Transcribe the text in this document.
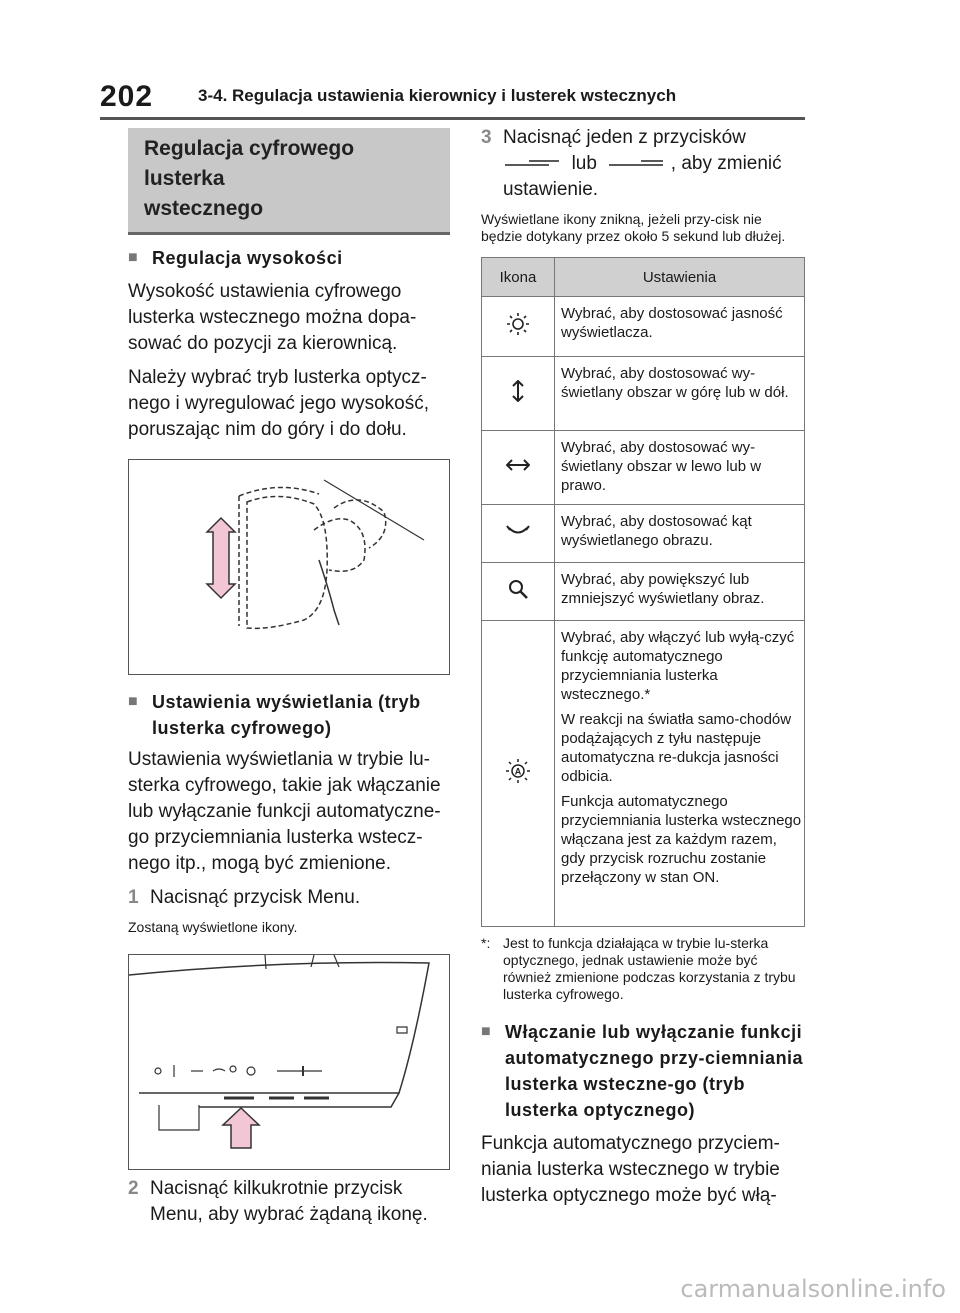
202	3-4. Regulacja ustawienia kierownicy i lusterek wstecznych
Regulacja cyfrowego lusterka
wstecznego
■ Regulacja wysokości

Wysokość ustawienia cyfrowego lusterka wstecznego można dopa-sować do pozycji za kierownicą.

Należy wybrać tryb lusterka optycz-nego i wyregulować jego wysokość, poruszając nim do góry i do dołu.

■ Ustawienia wyświetlania (tryb
lusterka cyfrowego)

Ustawienia wyświetlania w trybie lu-sterka cyfrowego, takie jak włączanie lub wyłączanie funkcji automatyczne-go przyciemniania lusterka wstecz-nego itp., mogą być zmienione.

1 Nacisnąć przycisk Menu.
Zostaną wyświetlone ikony.
2 Nacisnąć kilkukrotnie przycisk
Menu, aby wybrać żądaną ikonę.
3 Nacisnąć jeden z przycisków
lub	, aby zmienić
ustawienie.
Wyświetlane ikony znikną, jeżeli przy-cisk nie będzie dotykany przez około 5 sekund lub dłużej.
Ikona	Ustawienia
	Wybrać, aby dostosować jasność wyświetlacza.
	Wybrać, aby dostosować wy-świetlany obszar w górę lub w dół.
	Wybrać, aby dostosować wy-świetlany obszar w lewo lub w prawo.
	Wybrać, aby dostosować kąt wyświetlanego obrazu.
	Wybrać, aby powiększyć lub zmniejszyć wyświetlany obraz.

A	Wybrać, aby włączyć lub wyłą-czyć funkcję automatycznego przyciemniania lusterka wstecznego.*
W reakcji na światła samo-chodów podążających z tyłu następuje automatyczna re-dukcja jasności odbicia.
Funkcja automatycznego przyciemniania lusterka wstecznego włączana jest za każdym razem, gdy przycisk rozruchu zostanie przełączony w stan ON.
*: Jest to funkcja działająca w trybie lu-sterka optycznego, jednak ustawienie może być również zmienione podczas korzystania z trybu lusterka cyfrowego.
■ Włączanie lub wyłączanie funkcji automatycznego przy-ciemniania lusterka wsteczne-go (tryb lusterka optycznego)

Funkcja automatycznego przyciem-niania lusterka wstecznego w trybie lusterka optycznego może być włą-

carmanualsonline.info
